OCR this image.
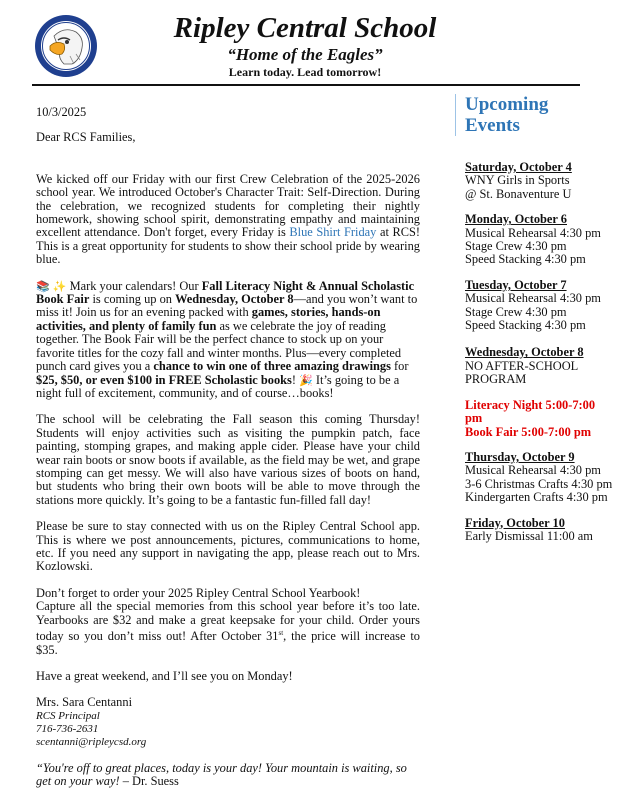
Ripley Central School
“Home of the Eagles”
Learn today. Lead tomorrow!

10/3/2025

Dear RCS Families,

We kicked off our Friday with our first Crew Celebration of the 2025-2026 school year. We introduced October's Character Trait: Self-Direction. During the celebration, we recognized students for completing their nightly homework, showing school spirit, demonstrating empathy and maintaining excellent attendance. Don't forget, every Friday is Blue Shirt Friday at RCS! This is a great opportunity for students to show their school pride by wearing blue.

📚 ✨ Mark your calendars! Our Fall Literacy Night & Annual Scholastic Book Fair is coming up on Wednesday, October 8—and you won’t want to miss it! Join us for an evening packed with games, stories, hands-on activities, and plenty of family fun as we celebrate the joy of reading together. The Book Fair will be the perfect chance to stock up on your favorite titles for the cozy fall and winter months. Plus—every completed punch card gives you a chance to win one of three amazing drawings for $25, $50, or even $100 in FREE Scholastic books! 🎉 It’s going to be a night full of excitement, community, and of course…books!

The school will be celebrating the Fall season this coming Thursday! Students will enjoy activities such as visiting the pumpkin patch, face painting, stomping grapes, and making apple cider. Please have your child wear rain boots or snow boots if available, as the field may be wet, and grape stomping can get messy. We will also have various sizes of boots on hand, but students who bring their own boots will be able to move through the stations more quickly. It’s going to be a fantastic fun-filled fall day!

Please be sure to stay connected with us on the Ripley Central School app. This is where we post announcements, pictures, communications to home, etc. If you need any support in navigating the app, please reach out to Mrs. Kozlowski.

Don’t forget to order your 2025 Ripley Central School Yearbook!

Capture all the special memories from this school year before it’s too late. Yearbooks are $32 and make a great keepsake for your child. Order yours today so you don’t miss out! After October 31st, the price will increase to $35.

Have a great weekend, and I’ll see you on Monday!

Mrs. Sara Centanni

RCS Principal

716-736-2631

scentanni@ripleycsd.org

“You're off to great places, today is your day! Your mountain is waiting, so get on your way! – Dr. Suess

Upcoming
Events
Saturday, October 4
WNY Girls in Sports
@ St. Bonaventure U
Monday, October 6
Musical Rehearsal 4:30 pm
Stage Crew 4:30 pm
Speed Stacking 4:30 pm
Tuesday, October 7
Musical Rehearsal 4:30 pm
Stage Crew 4:30 pm
Speed Stacking 4:30 pm
Wednesday, October 8
NO AFTER-SCHOOL
PROGRAM
Literacy Night 5:00-7:00 pm
Book Fair 5:00-7:00 pm
Thursday, October 9
Musical Rehearsal 4:30 pm
3-6 Christmas Crafts 4:30 pm
Kindergarten Crafts 4:30 pm
Friday, October 10
Early Dismissal 11:00 am
